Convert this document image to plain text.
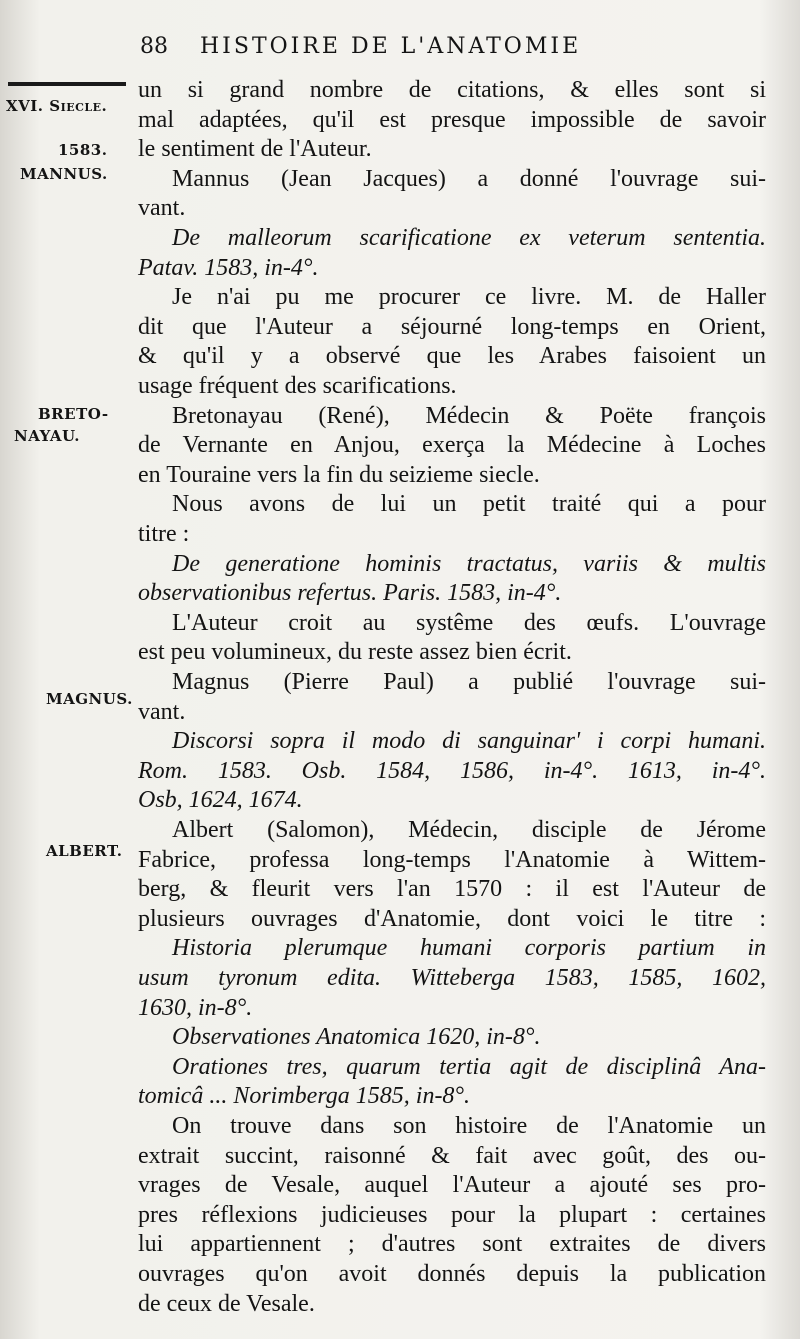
88 HISTOIRE DE L'ANATOMIE
XVI. Siecle.
1583.
MANNUS.
BRETO-
NAYAU.
MAGNUS.
ALBERT.
un si grand nombre de citations, & elles sont si
mal adaptées, qu'il est presque impossible de savoir
le sentiment de l'Auteur.
Mannus (Jean Jacques) a donné l'ouvrage sui-
vant.
De malleorum scarificatione ex veterum sententia.
Patav. 1583, in-4°.
Je n'ai pu me procurer ce livre. M. de Haller
dit que l'Auteur a séjourné long-temps en Orient,
& qu'il y a observé que les Arabes faisoient un
usage fréquent des scarifications.
Bretonayau (René), Médecin & Poëte françois
de Vernante en Anjou, exerça la Médecine à Loches
en Touraine vers la fin du seizieme siecle.
Nous avons de lui un petit traité qui a pour
titre :
De generatione hominis tractatus, variis & multis
observationibus refertus. Paris. 1583, in-4°.
L'Auteur croit au systême des œufs. L'ouvrage
est peu volumineux, du reste assez bien écrit.
Magnus (Pierre Paul) a publié l'ouvrage sui-
vant.
Discorsi sopra il modo di sanguinar' i corpi humani.
Rom. 1583. Osb. 1584, 1586, in-4°. 1613, in-4°.
Osb, 1624, 1674.
Albert (Salomon), Médecin, disciple de Jérome
Fabrice, professa long-temps l'Anatomie à Wittem-
berg, & fleurit vers l'an 1570 : il est l'Auteur de
plusieurs ouvrages d'Anatomie, dont voici le titre :
Historia plerumque humani corporis partium in
usum tyronum edita. Witteberga 1583, 1585, 1602,
1630, in-8°.
Observationes Anatomica 1620, in-8°.
Orationes tres, quarum tertia agit de disciplinâ Ana-
tomicâ ... Norimberga 1585, in-8°.
On trouve dans son histoire de l'Anatomie un
extrait succint, raisonné & fait avec goût, des ou-
vrages de Vesale, auquel l'Auteur a ajouté ses pro-
pres réflexions judicieuses pour la plupart : certaines
lui appartiennent ; d'autres sont extraites de divers
ouvrages qu'on avoit donnés depuis la publication
de ceux de Vesale.
